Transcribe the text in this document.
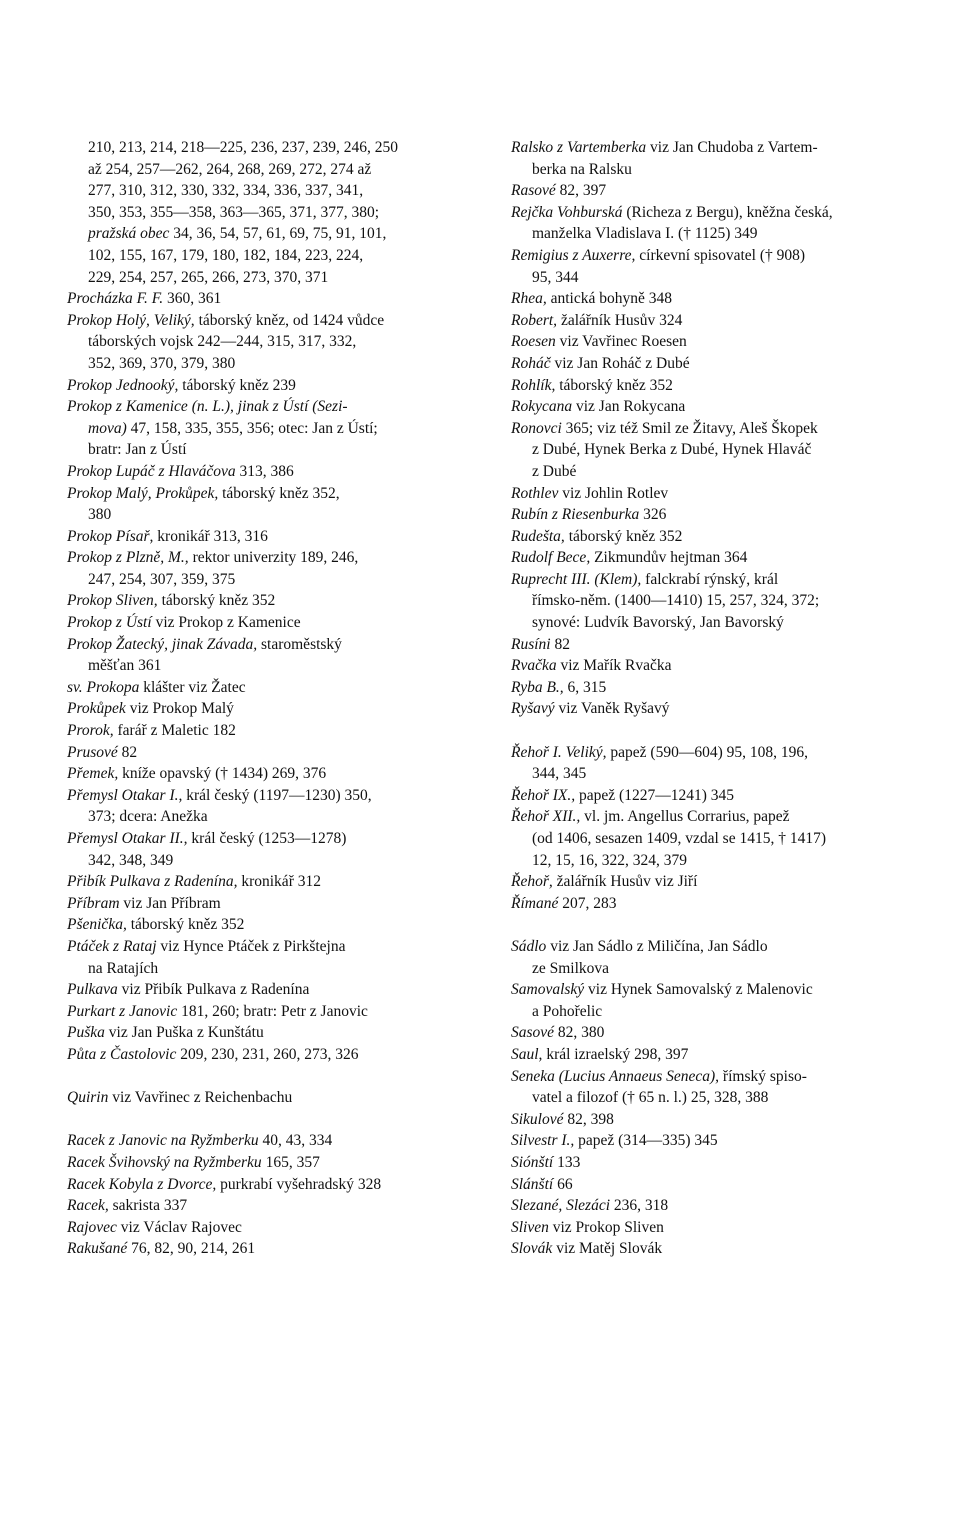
210, 213, 214, 218—225, 236, 237, 239, 246, 250
až 254, 257—262, 264, 268, 269, 272, 274 až
277, 310, 312, 330, 332, 334, 336, 337, 341,
350, 353, 355—358, 363—365, 371, 377, 380;
pražská obec 34, 36, 54, 57, 61, 69, 75, 91, 101,
102, 155, 167, 179, 180, 182, 184, 223, 224,
229, 254, 257, 265, 266, 273, 370, 371
Procházka F. F. 360, 361
Prokop Holý, Veliký, táborský kněz, od 1424 vůdce
táborských vojsk 242—244, 315, 317, 332,
352, 369, 370, 379, 380
Prokop Jednooký, táborský kněz 239
Prokop z Kamenice (n. L.), jinak z Ústí (Sezi-
mova) 47, 158, 335, 355, 356; otec: Jan z Ústí;
bratr: Jan z Ústí
Prokop Lupáč z Hlaváčova 313, 386
Prokop Malý, Prokůpek, táborský kněz 352,
380
Prokop Písař, kronikář 313, 316
Prokop z Plzně, M., rektor univerzity 189, 246,
247, 254, 307, 359, 375
Prokop Sliven, táborský kněz 352
Prokop z Ústí viz Prokop z Kamenice
Prokop Žatecký, jinak Závada, staroměstský
měšťan 361
sv. Prokopa klášter viz Žatec
Prokůpek viz Prokop Malý
Prorok, farář z Maletic 182
Prusové 82
Přemek, kníže opavský († 1434) 269, 376
Přemysl Otakar I., král český (1197—1230) 350,
373; dcera: Anežka
Přemysl Otakar II., král český (1253—1278)
342, 348, 349
Přibík Pulkava z Radenína, kronikář 312
Příbram viz Jan Příbram
Pšenička, táborský kněz 352
Ptáček z Rataj viz Hynce Ptáček z Pirkštejna
na Ratajích
Pulkava viz Přibík Pulkava z Radenína
Purkart z Janovic 181, 260; bratr: Petr z Janovic
Puška viz Jan Puška z Kunštátu
Půta z Častolovic 209, 230, 231, 260, 273, 326
Quirin viz Vavřinec z Reichenbachu
Racek z Janovic na Ryžmberku 40, 43, 334
Racek Švihovský na Ryžmberku 165, 357
Racek Kobyla z Dvorce, purkrabí vyšehradský 328
Racek, sakrista 337
Rajovec viz Václav Rajovec
Rakušané 76, 82, 90, 214, 261
Ralsko z Vartemberka viz Jan Chudoba z Vartem-
berka na Ralsku
Rasové 82, 397
Rejčka Vohburská (Richeza z Bergu), kněžna česká,
manželka Vladislava I. († 1125) 349
Remigius z Auxerre, církevní spisovatel († 908)
95, 344
Rhea, antická bohyně 348
Robert, žalářník Husův 324
Roesen viz Vavřinec Roesen
Roháč viz Jan Roháč z Dubé
Rohlík, táborský kněz 352
Rokycana viz Jan Rokycana
Ronovci 365; viz též Smil ze Žitavy, Aleš Škopek
z Dubé, Hynek Berka z Dubé, Hynek Hlaváč
z Dubé
Rothlev viz Johlin Rotlev
Rubín z Riesenburka 326
Rudešta, táborský kněz 352
Rudolf Bece, Zikmundův hejtman 364
Ruprecht III. (Klem), falckrabí rýnský, král
římsko-něm. (1400—1410) 15, 257, 324, 372;
synové: Ludvík Bavorský, Jan Bavorský
Rusíni 82
Rvačka viz Mařík Rvačka
Ryba B., 6, 315
Ryšavý viz Vaněk Ryšavý
Řehoř I. Veliký, papež (590—604) 95, 108, 196,
344, 345
Řehoř IX., papež (1227—1241) 345
Řehoř XII., vl. jm. Angellus Corrarius, papež
(od 1406, sesazen 1409, vzdal se 1415, † 1417)
12, 15, 16, 322, 324, 379
Řehoř, žalářník Husův viz Jiří
Římané 207, 283
Sádlo viz Jan Sádlo z Miličína, Jan Sádlo
ze Smilkova
Samovalský viz Hynek Samovalský z Malenovic
a Pohořelic
Sasové 82, 380
Saul, král izraelský 298, 397
Seneka (Lucius Annaeus Seneca), římský spiso-
vatel a filozof († 65 n. l.) 25, 328, 388
Sikulové 82, 398
Silvestr I., papež (314—335) 345
Siónští 133
Slánští 66
Slezané, Slezáci 236, 318
Sliven viz Prokop Sliven
Slovák viz Matěj Slovák
